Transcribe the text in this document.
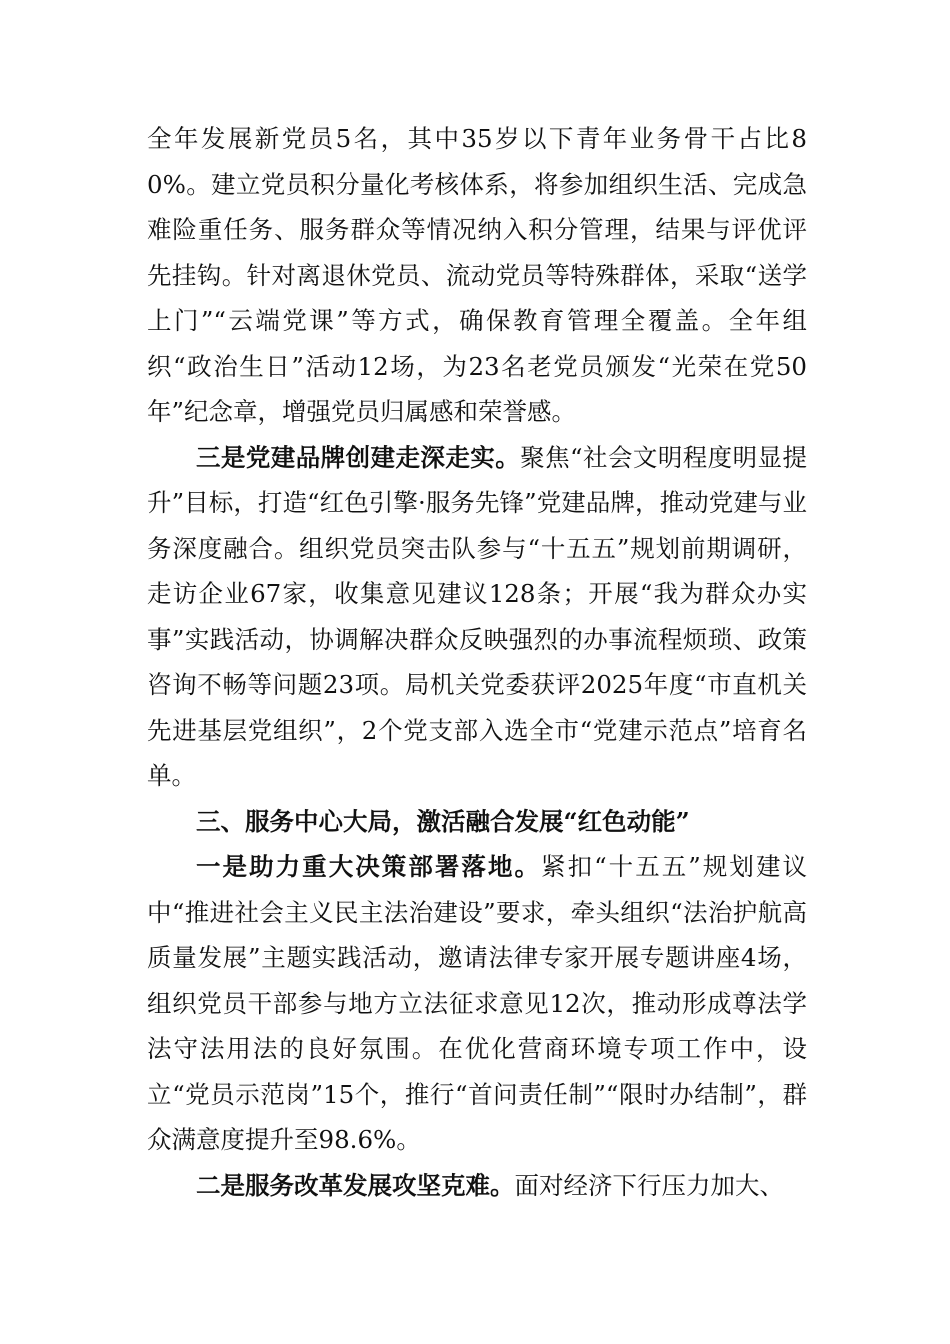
全年发展新党员5名，其中35岁以下青年业务骨干占比80%。建立党员积分量化考核体系，将参加组织生活、完成急难险重任务、服务群众等情况纳入积分管理，结果与评优评先挂钩。针对离退休党员、流动党员等特殊群体，采取“送学上门”“云端党课”等方式，确保教育管理全覆盖。全年组织“政治生日”活动12场，为23名老党员颁发“光荣在党50年”纪念章，增强党员归属感和荣誉感。

三是党建品牌创建走深走实。聚焦“社会文明程度明显提升”目标，打造“红色引擎·服务先锋”党建品牌，推动党建与业务深度融合。组织党员突击队参与“十五五”规划前期调研，走访企业67家，收集意见建议128条；开展“我为群众办实事”实践活动，协调解决群众反映强烈的办事流程烦琐、政策咨询不畅等问题23项。局机关党委获评2025年度“市直机关先进基层党组织”，2个党支部入选全市“党建示范点”培育名单。

三、服务中心大局，激活融合发展“红色动能”

一是助力重大决策部署落地。紧扣“十五五”规划建议中“推进社会主义民主法治建设”要求，牵头组织“法治护航高质量发展”主题实践活动，邀请法律专家开展专题讲座4场，组织党员干部参与地方立法征求意见12次，推动形成尊法学法守法用法的良好氛围。在优化营商环境专项工作中，设立“党员示范岗”15个，推行“首问责任制”“限时办结制”，群众满意度提升至98.6%。

二是服务改革发展攻坚克难。面对经济下行压力加大、
